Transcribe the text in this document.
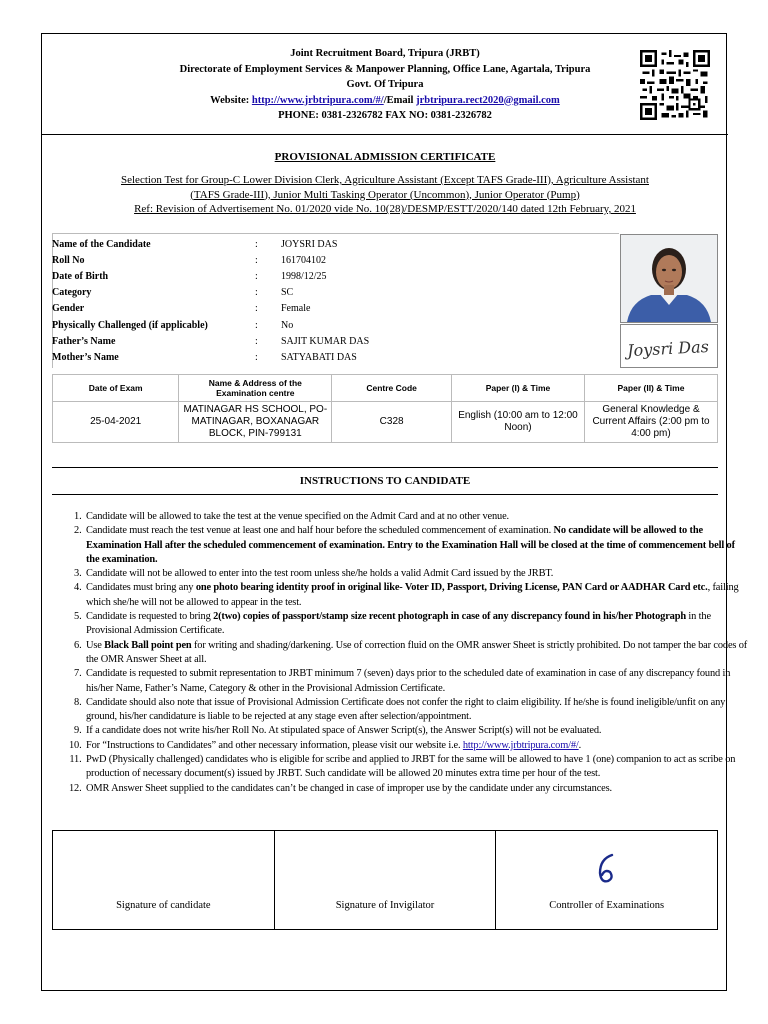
Joint Recruitment Board, Tripura (JRBT)
Directorate of Employment Services & Manpower Planning, Office Lane, Agartala, Tripura
Govt. Of Tripura
Website: http://www.jrbtripura.com/#//Email jrbtripura.rect2020@gmail.com
PHONE: 0381-2326782 FAX NO: 0381-2326782
PROVISIONAL ADMISSION CERTIFICATE
Selection Test for Group-C Lower Division Clerk, Agriculture Assistant (Except TAFS Grade-III), Agriculture Assistant
(TAFS Grade-III), Junior Multi Tasking Operator (Uncommon), Junior Operator (Pump)
Ref: Revision of Advertisement No. 01/2020 vide No. 10(28)/DESMP/ESTT/2020/140 dated 12th February, 2021
Name of the Candidate	:	JOYSRI DAS
Roll No	:	161704102
Date of Birth	:	1998/12/25
Category	:	SC
Gender	:	Female
Physically Challenged (if applicable)	:	No
Father’s Name	:	SAJIT KUMAR DAS
Mother’s Name	:	SATYABATI DAS	Joysri Das
Date of Exam	Name & Address of the Examination centre	Centre Code	Paper (I) & Time	Paper (II) & Time
25-04-2021	MATINAGAR HS SCHOOL, PO-MATINAGAR, BOXANAGAR BLOCK, PIN-799131	C328	English (10:00 am to 12:00 Noon)	General Knowledge & Current Affairs (2:00 pm to 4:00 pm)
INSTRUCTIONS TO CANDIDATE
1. Candidate will be allowed to take the test at the venue specified on the Admit Card and at no other venue.
2. Candidate must reach the test venue at least one and half hour before the scheduled commencement of examination. No candidate will be allowed to the Examination Hall after the scheduled commencement of examination. Entry to the Examination Hall will be closed at the time of commencement bell of the examination.
3. Candidate will not be allowed to enter into the test room unless she/he holds a valid Admit Card issued by the JRBT.
4. Candidates must bring any one photo bearing identity proof in original like- Voter ID, Passport, Driving License, PAN Card or AADHAR Card etc., failing which she/he will not be allowed to appear in the test.
5. Candidate is requested to bring 2(two) copies of passport/stamp size recent photograph in case of any discrepancy found in his/her Photograph in the Provisional Admission Certificate.
6. Use Black Ball point pen for writing and shading/darkening. Use of correction fluid on the OMR answer Sheet is strictly prohibited. Do not tamper the bar codes of the OMR Answer Sheet at all.
7. Candidate is requested to submit representation to JRBT minimum 7 (seven) days prior to the scheduled date of examination in case of any discrepancy found in his/her Name, Father’s Name, Category & other in the Provisional Admission Certificate.
8. Candidate should also note that issue of Provisional Admission Certificate does not confer the right to claim eligibility. If he/she is found ineligible/unfit on any ground, his/her candidature is liable to be rejected at any stage even after selection/appointment.
9. If a candidate does not write his/her Roll No. At stipulated space of Answer Script(s), the Answer Script(s) will not be evaluated.
10. For “Instructions to Candidates” and other necessary information, please visit our website i.e. http://www.jrbtripura.com/#/.
11. PwD (Physically challenged) candidates who is eligible for scribe and applied to JRBT for the same will be allowed to have 1 (one) companion to act as scribe on production of necessary document(s) issued by JRBT. Such candidate will be allowed 20 minutes extra time per hour of the test.
12. OMR Answer Sheet supplied to the candidates can’t be changed in case of improper use by the candidate under any circumstances.
Signature of candidate	Signature of Invigilator	Controller of Examinations
